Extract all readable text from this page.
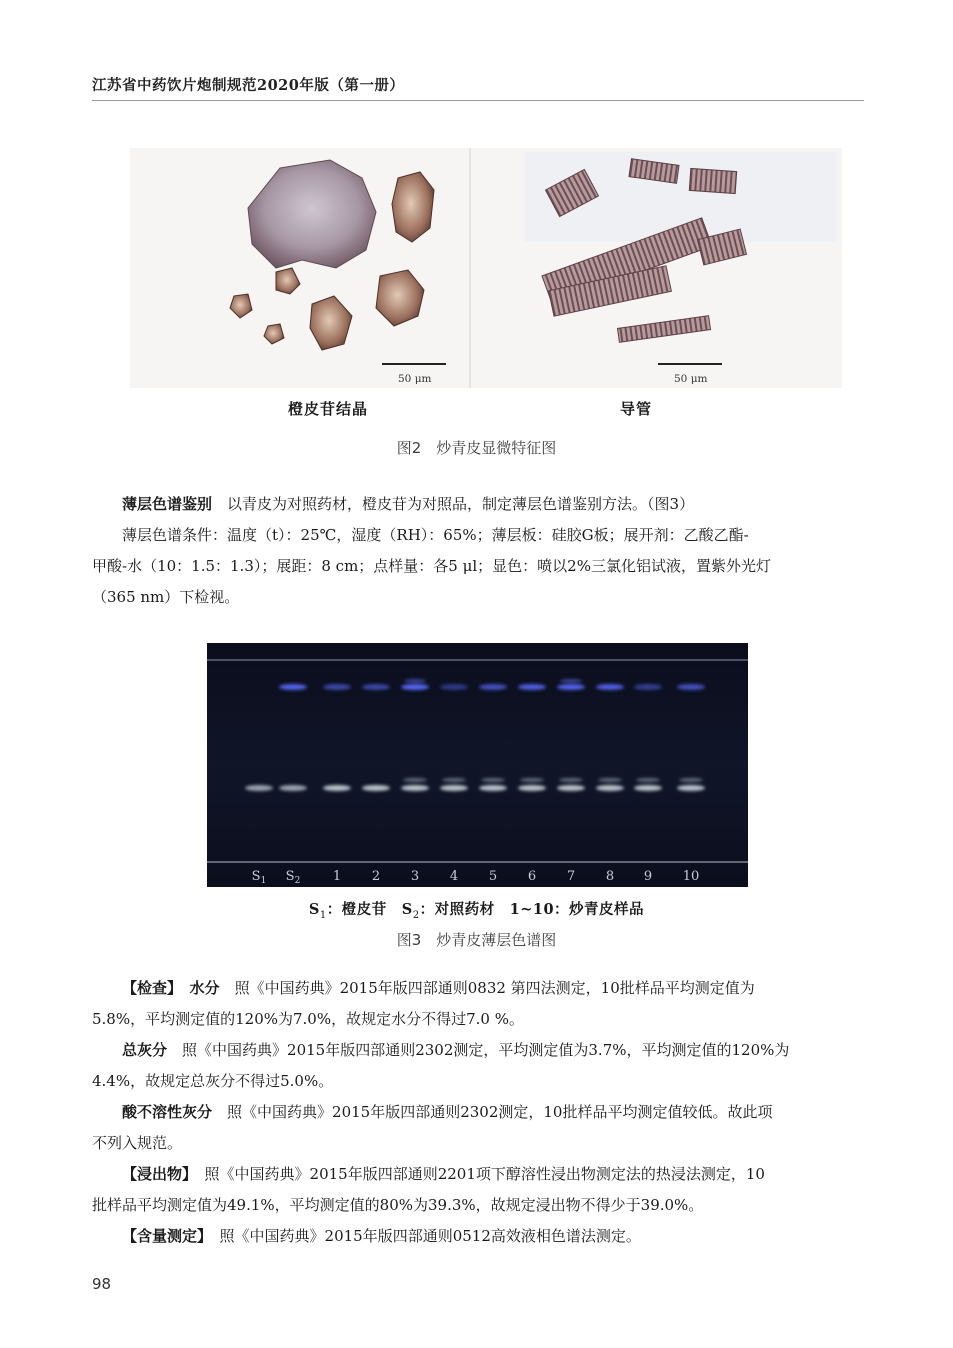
江苏省中药饮片炮制规范2020年版（第一册）
50 μm	50 μm
橙皮苷结晶	导管
图2　炒青皮显微特征图
薄层色谱鉴别　 以青皮为对照药材，橙皮苷为对照品，制定薄层色谱鉴别方法。（图3）
薄层色谱条件：温度（t）：25℃，湿度（RH）：65%；薄层板：硅胶G板；展开剂：乙酸乙酯-
甲酸-水（10：1.5：1.3）；展距：8 cm；点样量：各5 μl；显色：喷以2%三氯化铝试液，置紫外光灯
（365 nm）下检视。
$S_1$ $S_2$	1 2 3 4 5 6 7 8 9 10
$S_1$：橙皮苷　 $S_2$：对照药材　 1~10：炒青皮样品
图3　炒青皮薄层色谱图
【检查】　 水分　 照《中国药典》2015年版四部通则0832 第四法测定，10批样品平均测定值为
5.8%，平均测定值的120%为7.0%，故规定水分不得过7.0 %。
总灰分　 照《中国药典》2015年版四部通则2302测定，平均测定值为3.7%，平均测定值的120%为
4.4%，故规定总灰分不得过5.0%。
酸不溶性灰分　 照《中国药典》2015年版四部通则2302测定，10批样品平均测定值较低。故此项
不列入规范。
【浸出物】　 照《中国药典》2015年版四部通则2201项下醇溶性浸出物测定法的热浸法测定，10
批样品平均测定值为49.1%，平均测定值的80%为39.3%，故规定浸出物不得少于39.0%。
【含量测定】　 照《中国药典》2015年版四部通则0512高效液相色谱法测定。
98
